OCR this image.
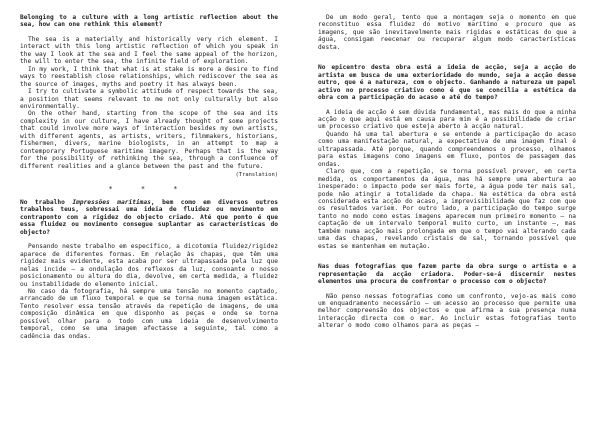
Belonging to a culture with a long artistic reflection about the sea, how can one rethink this element?

The sea is a materially and historically very rich element. I interact with this long artistic reflection of which you speak in the way I look at the sea and I feel the same appeal of the horizon, the will to enter the sea, the infinite field of exploration.

In my work, I think that what is at stake is more a desire to find ways to reestablish close relationships, which rediscover the sea as the source of images, myths and poetry it has always been.

I try to cultivate a symbolic attitude of respect towards the sea, a position that seems relevant to me not only culturally but also environmentally.

On the other hand, starting from the scope of the sea and its complexity in our culture, I have already thought of some projects that could involve more ways of interaction besides my own artists, with different agents, as artists, writers, filmmakers, historians, fishermen, divers, marine biologists, in an attempt to map a contemporary Portuguese maritime imagery. Perhaps that is the way for the possibility of rethinking the sea, through a confluence of different realities and a glance between the past and the future.

(Translation)

* * *

No trabalho Impressões marítimas, bem como em diversos outros trabalhos teus, sobressai uma ideia de fluidez ou movimento em contraponto com a rigidez do objecto criado. Até que ponto é que essa fluidez ou movimento consegue suplantar as características do objecto?

Pensando neste trabalho em específico, a dicotomia fluidez/rigidez aparece de diferentes formas. Em relação às chapas, que têm uma rigidez mais evidente, esta acaba por ser ultrapassada pela luz que nelas incide – a ondulação dos reflexos da luz, consoante o nosso posicionamento ou altura do dia, devolve, em certa medida, a fluidez ou instabilidade do elemento inicial.

No caso da fotografia, há sempre uma tensão no momento captado, arrancado de um fluxo temporal e que se torna numa imagem estática. Tento resolver essa tensão através da repetição de imagens, de uma composição dinâmica em que disponho as peças e onde se torna possível olhar para o todo com uma ideia de desenvolvimento temporal, como se uma imagem afectasse a seguinte, tal como a cadência das ondas.

De um modo geral, tento que a montagem seja o momento em que reconstituo essa fluidez do motivo marítimo e procuro que as imagens, que são inevitavelmente mais rígidas e estáticas do que a água, consigam reecenar ou recuperar algum modo características desta.

No epicentro desta obra está a ideia de acção, seja a acção do artista em busca de uma exterioridade do mundo, seja a acção desse outro, que é a natureza, com o objecto. Ganhando a natureza um papel activo no processo criativo como é que se concilia a estética da obra com a participação do acaso e até do tempo?

A ideia de acção é sem dúvida fundamental, mas mais do que a minha acção o que aqui está em causa para mim é a possibilidade de criar um processo criativo que esteja aberto à acção natural.

Quando há uma tal abertura e se entende a participação do acaso como uma manifestação natural, a expectativa de uma imagem final é ultrapassada. Até porque, quando compreendemos o processo, olhamos para estas imagens como imagens em fluxo, pontos de passagem das ondas.

Claro que, com a repetição, se torna possível prever, em certa medida, os comportamentos da água, mas há sempre uma abertura ao inesperado: o impacto pode ser mais forte, a água pode ter mais sal, pode não atingir a totalidade da chapa. Na estética da obra está considerada esta acção do acaso, a imprevisibilidade que faz com que os resultados variem. Por outro lado, a participação do tempo surge tanto no modo como estas imagens aparecem num primeiro momento – na captação de um intervalo temporal muito curto, um instante –, mas também numa acção mais prolongada em que o tempo vai alterando cada uma das chapas, revelando cristais de sal, tornando possível que estas se mantenham em mutação.

Nas duas fotografias que fazem parte da obra surge o artista e a representação da acção criadora. Poder-se-á discernir nestes elementos uma procura de confrontar o processo com o objecto?

Não penso nessas fotografias como um confronto, vejo-as mais como um enquadramento necessário – um acesso ao processo que permite uma melhor compreensão dos objectos e que afirma a sua presença numa interacção directa com o mar. Ao incluir estas fotografias tento alterar o modo como olhamos para as peças –
